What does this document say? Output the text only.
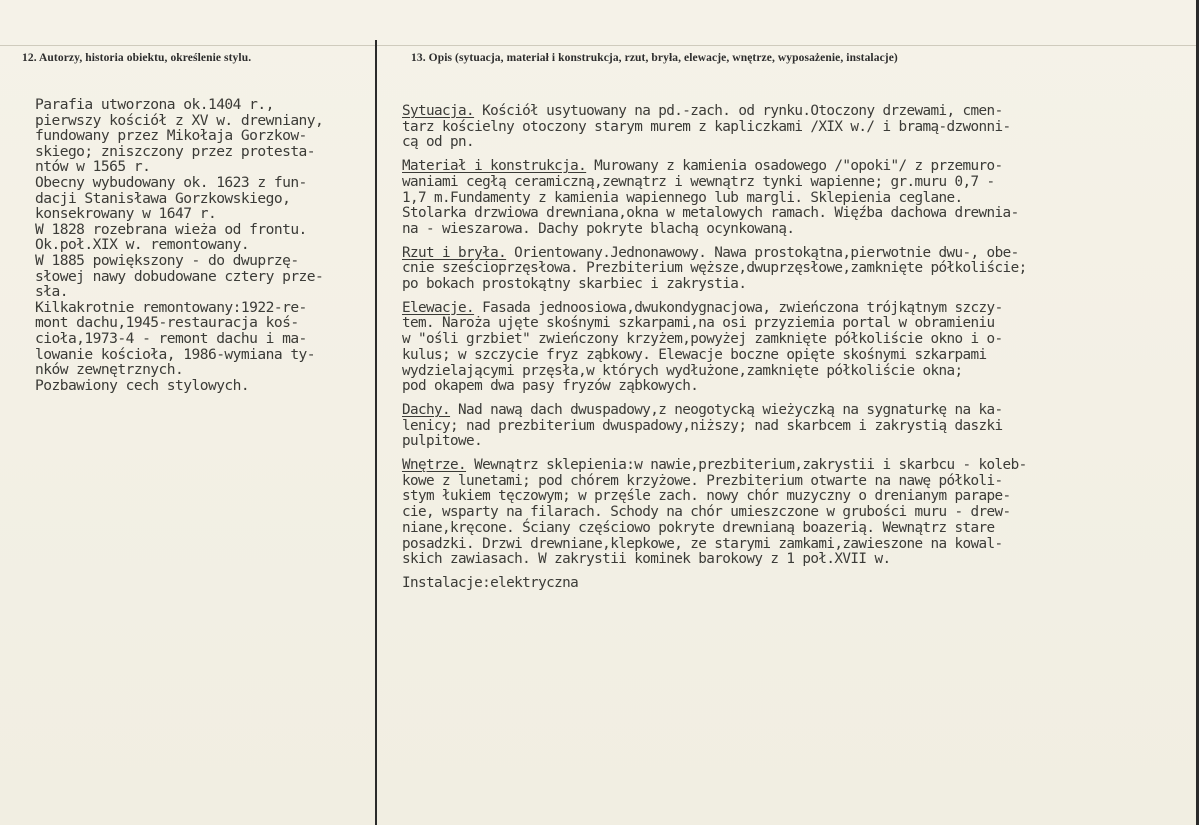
12. Autorzy, historia obiektu, określenie stylu.	13. Opis (sytuacja, materiał i konstrukcja, rzut, bryła, elewacje, wnętrze, wyposażenie, instalacje)
Parafia utworzona ok.1404 r.,
pierwszy kościół z XV w. drewniany,
fundowany przez Mikołaja Gorzkow-
skiego; zniszczony przez protesta-
ntów w 1565 r.
Obecny wybudowany ok. 1623 z fun-
dacji Stanisława Gorzkowskiego,
konsekrowany w 1647 r.
W 1828 rozebrana wieża od frontu.
Ok.poł.XIX w. remontowany.
W 1885 powiększony - do dwuprzę-
słowej nawy dobudowane cztery prze-
sła.
Kilkakrotnie remontowany:1922-re-
mont dachu,1945-restauracja koś-
cioła,1973-4 - remont dachu i ma-
lowanie kościoła, 1986-wymiana ty-
nków zewnętrznych.
Pozbawiony cech stylowych.
Sytuacja. Kościół usytuowany na pd.-zach. od rynku.Otoczony drzewami, cmen-
tarz kościelny otoczony starym murem z kapliczkami /XIX w./ i bramą-dzwonni-
cą od pn.
Materiał i konstrukcja. Murowany z kamienia osadowego /"opoki"/ z przemuro-
waniami cegłą ceramiczną,zewnątrz i wewnątrz tynki wapienne; gr.muru 0,7 -
1,7 m.Fundamenty z kamienia wapiennego lub margli. Sklepienia ceglane.
Stolarka drzwiowa drewniana,okna w metalowych ramach. Więźba dachowa drewnia-
na - wieszarowa. Dachy pokryte blachą ocynkowaną.
Rzut i bryła. Orientowany.Jednonawowy. Nawa prostokątna,pierwotnie dwu-, obe-
cnie sześcioprzęsłowa. Prezbiterium węższe,dwuprzęsłowe,zamknięte półkoliście;
po bokach prostokątny skarbiec i zakrystia.
Elewacje. Fasada jednoosiowa,dwukondygnacjowa, zwieńczona trójkątnym szczy-
tem. Naroża ujęte skośnymi szkarpami,na osi przyziemia portal w obramieniu
w "ośli grzbiet" zwieńczony krzyżem,powyżej zamknięte półkoliście okno i o-
kulus; w szczycie fryz ząbkowy. Elewacje boczne opięte skośnymi szkarpami
wydzielającymi przęsła,w których wydłużone,zamknięte półkoliście okna;
pod okapem dwa pasy fryzów ząbkowych.
Dachy. Nad nawą dach dwuspadowy,z neogotycką wieżyczką na sygnaturkę na ka-
lenicy; nad prezbiterium dwuspadowy,niższy; nad skarbcem i zakrystią daszki
pulpitowe.
Wnętrze. Wewnątrz sklepienia:w nawie,prezbiterium,zakrystii i skarbcu - koleb-
kowe z lunetami; pod chórem krzyżowe. Prezbiterium otwarte na nawę półkoli-
stym łukiem tęczowym; w przęśle zach. nowy chór muzyczny o drenianym parape-
cie, wsparty na filarach. Schody na chór umieszczone w grubości muru - drew-
niane,kręcone. Ściany częściowo pokryte drewnianą boazerią. Wewnątrz stare
posadzki. Drzwi drewniane,klepkowe, ze starymi zamkami,zawieszone na kowal-
skich zawiasach. W zakrystii kominek barokowy z 1 poł.XVII w.
Instalacje:elektryczna
